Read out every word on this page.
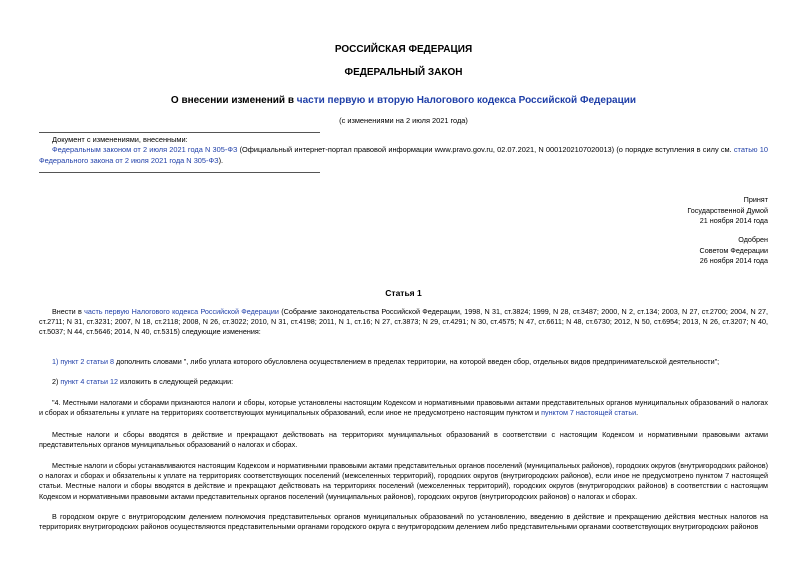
РОССИЙСКАЯ ФЕДЕРАЦИЯ
ФЕДЕРАЛЬНЫЙ ЗАКОН
О внесении изменений в части первую и вторую Налогового кодекса Российской Федерации
(с изменениями на 2 июля 2021 года)
Документ с изменениями, внесенными:
Федеральным законом от 2 июля 2021 года N 305-ФЗ (Официальный интернет-портал правовой информации www.pravo.gov.ru, 02.07.2021, N 0001202107020013) (о порядке вступления в силу см. статью 10 Федерального закона от 2 июля 2021 года N 305-ФЗ).
Принят
Государственной Думой
21 ноября 2014 года
Одобрен
Советом Федерации
26 ноября 2014 года
Статья 1
Внести в часть первую Налогового кодекса Российской Федерации (Собрание законодательства Российской Федерации, 1998, N 31, ст.3824; 1999, N 28, ст.3487; 2000, N 2, ст.134; 2003, N 27, ст.2700; 2004, N 27, ст.2711; N 31, ст.3231; 2007, N 18, ст.2118; 2008, N 26, ст.3022; 2010, N 31, ст.4198; 2011, N 1, ст.16; N 27, ст.3873; N 29, ст.4291; N 30, ст.4575; N 47, ст.6611; N 48, ст.6730; 2012, N 50, ст.6954; 2013, N 26, ст.3207; N 40, ст.5037; N 44, ст.5646; 2014, N 40, ст.5315) следующие изменения:
1) пункт 2 статьи 8 дополнить словами ", либо уплата которого обусловлена осуществлением в пределах территории, на которой введен сбор, отдельных видов предпринимательской деятельности";
2) пункт 4 статьи 12 изложить в следующей редакции:
"4. Местными налогами и сборами признаются налоги и сборы, которые установлены настоящим Кодексом и нормативными правовыми актами представительных органов муниципальных образований о налогах и сборах и обязательны к уплате на территориях соответствующих муниципальных образований, если иное не предусмотрено настоящим пунктом и пунктом 7 настоящей статьи.
Местные налоги и сборы вводятся в действие и прекращают действовать на территориях муниципальных образований в соответствии с настоящим Кодексом и нормативными правовыми актами представительных органов муниципальных образований о налогах и сборах.
Местные налоги и сборы устанавливаются настоящим Кодексом и нормативными правовыми актами представительных органов поселений (муниципальных районов), городских округов (внутригородских районов) о налогах и сборах и обязательны к уплате на территориях соответствующих поселений (межселенных территорий), городских округов (внутригородских районов), если иное не предусмотрено пунктом 7 настоящей статьи. Местные налоги и сборы вводятся в действие и прекращают действовать на территориях поселений (межселенных территорий), городских округов (внутригородских районов) в соответствии с настоящим Кодексом и нормативными правовыми актами представительных органов поселений (муниципальных районов), городских округов (внутригородских районов) о налогах и сборах.
В городском округе с внутригородским делением полномочия представительных органов муниципальных образований по установлению, введению в действие и прекращению действия местных налогов на территориях внутригородских районов осуществляются представительными органами городского округа с внутригородским делением либо представительными органами соответствующих внутригородских районов
